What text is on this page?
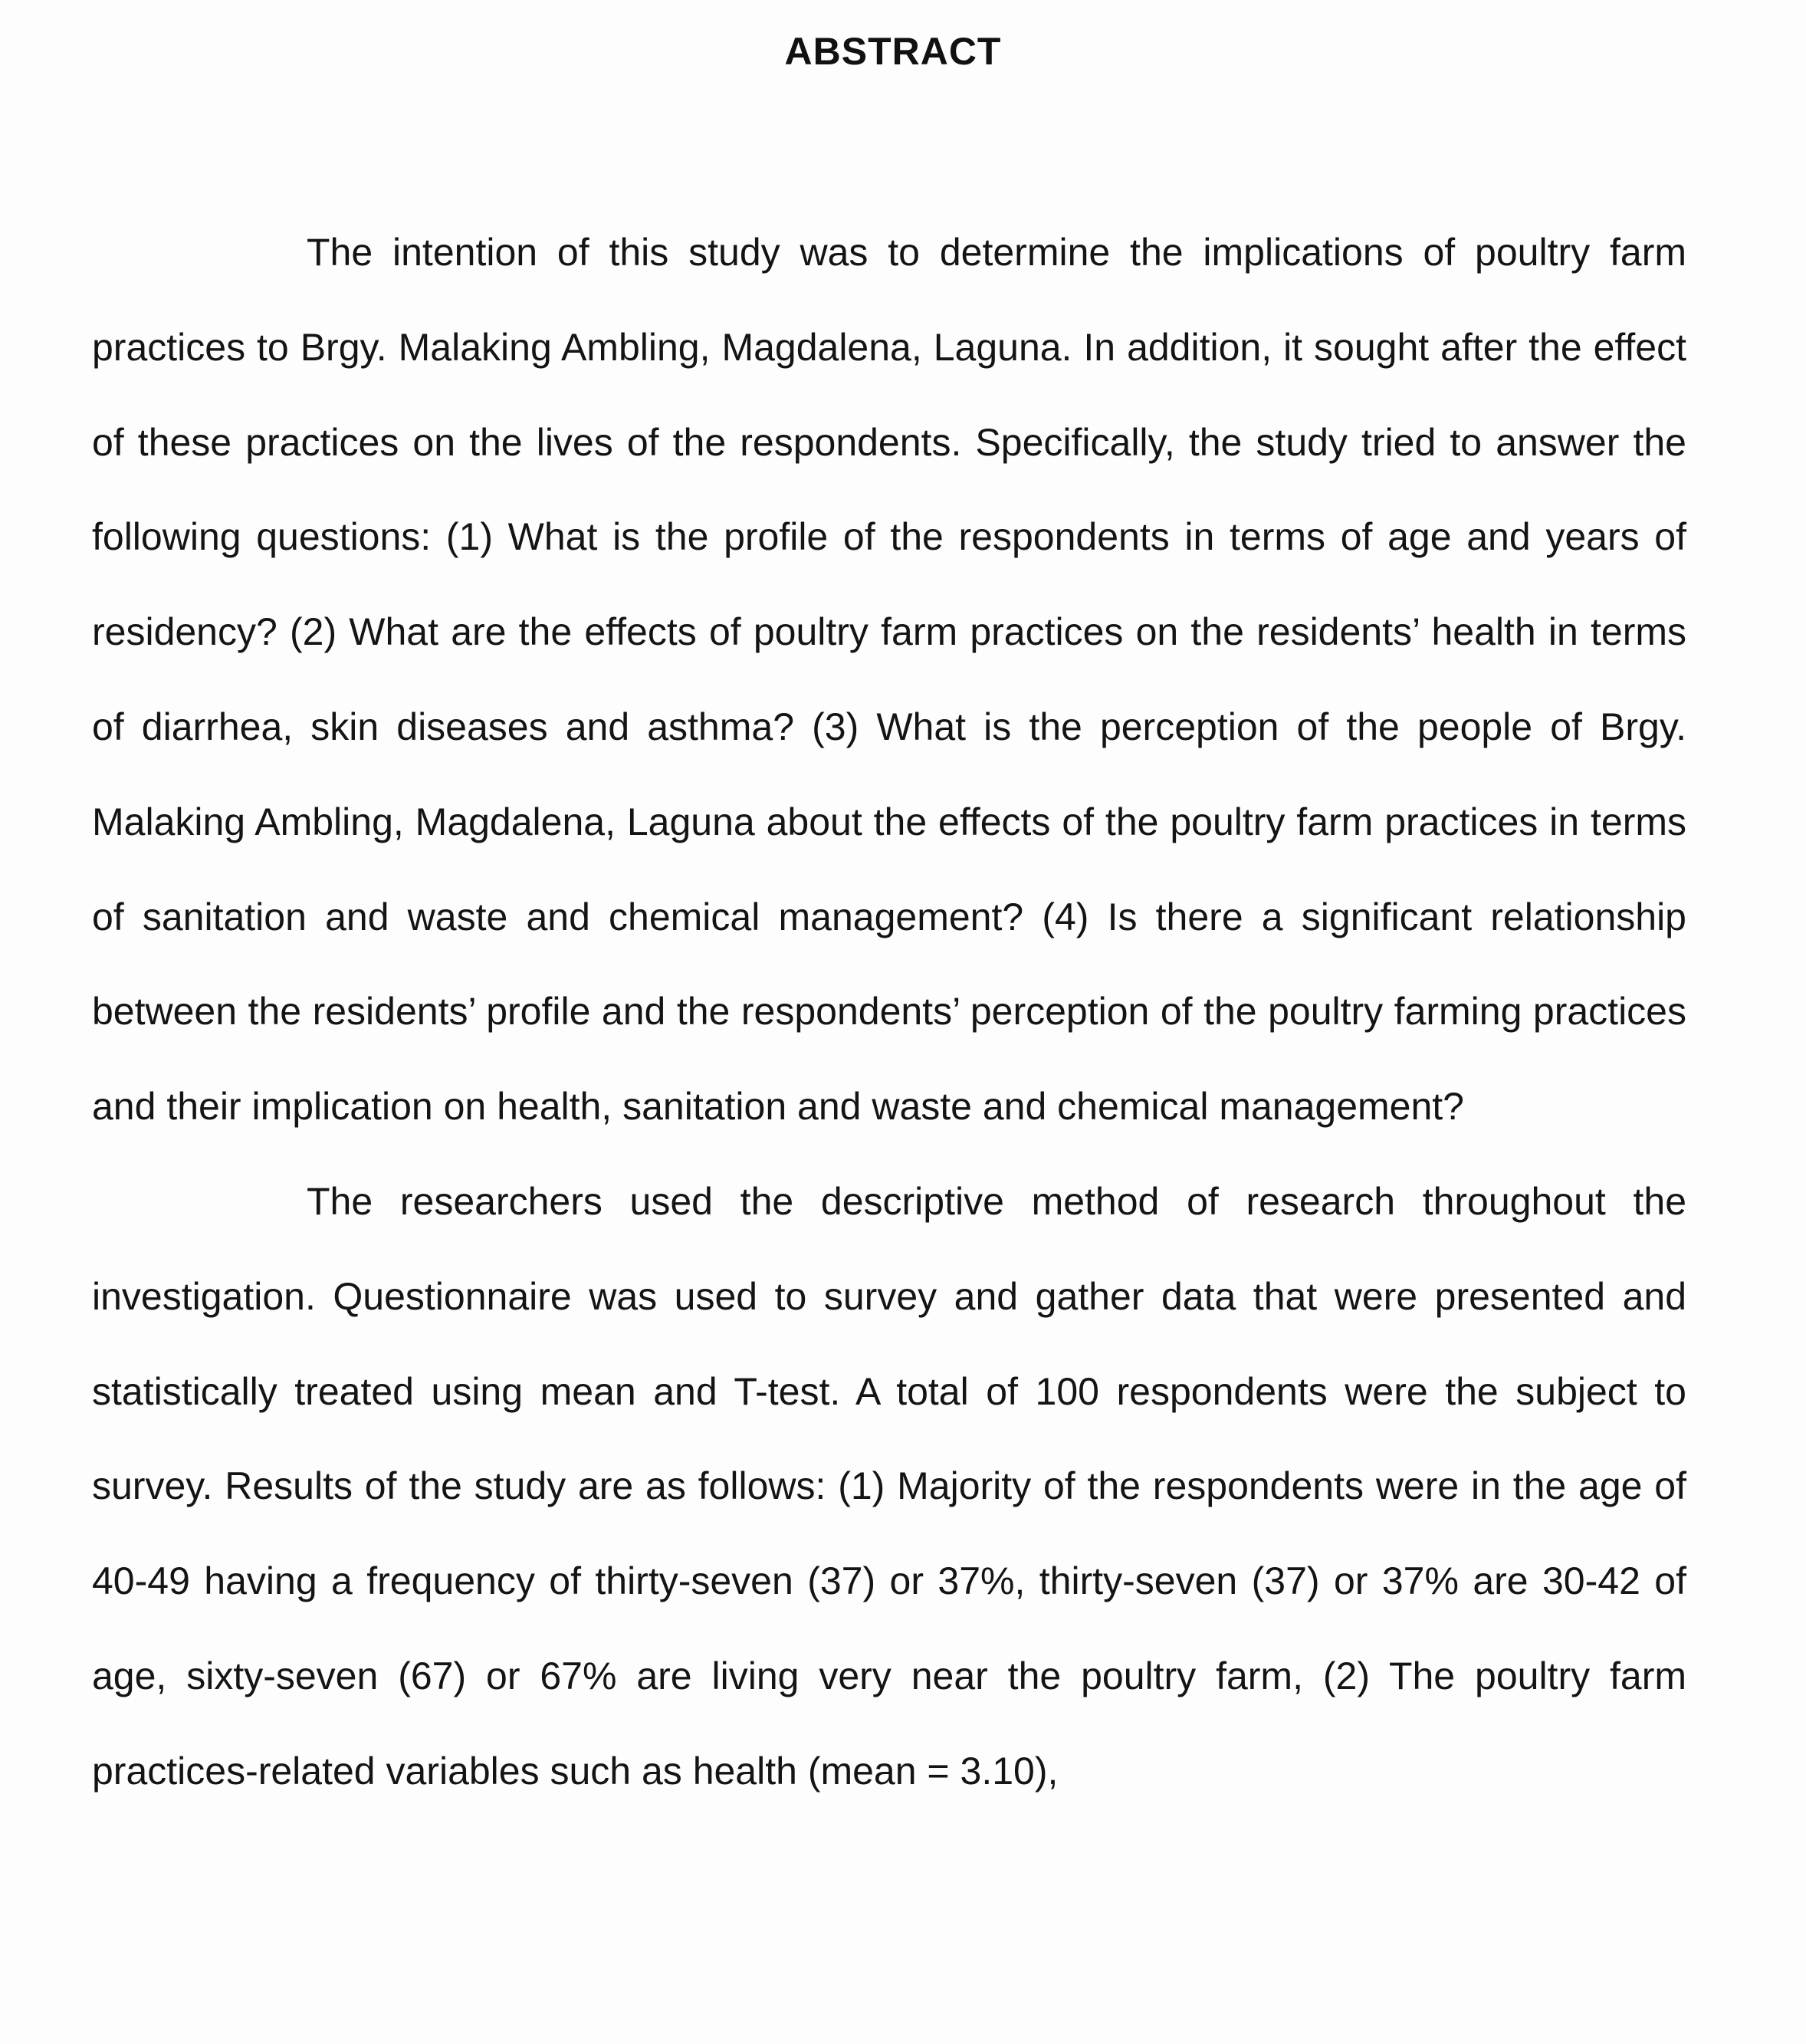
ABSTRACT

The intention of this study was to determine the implications of poultry farm practices to Brgy. Malaking Ambling, Magdalena, Laguna. In addition, it sought after the effect of these practices on the lives of the respondents. Specifically, the study tried to answer the following questions: (1) What is the profile of the respondents in terms of age and years of residency? (2) What are the effects of poultry farm practices on the residents’ health in terms of diarrhea, skin diseases and asthma? (3) What is the perception of the people of Brgy. Malaking Ambling, Magdalena, Laguna about the effects of the poultry farm practices in terms of sanitation and waste and chemical management? (4) Is there a significant relationship between the residents’ profile and the respondents’ perception of the poultry farming practices and their implication on health, sanitation and waste and chemical management?

The researchers used the descriptive method of research throughout the investigation. Questionnaire was used to survey and gather data that were presented and statistically treated using mean and T-test. A total of 100 respondents were the subject to survey. Results of the study are as follows: (1) Majority of the respondents were in the age of 40-49 having a frequency of thirty-seven (37) or 37%, thirty-seven (37) or 37% are 30-42 of age, sixty-seven (67) or 67% are living very near the poultry farm, (2) The poultry farm practices-related variables such as health (mean = 3.10),
